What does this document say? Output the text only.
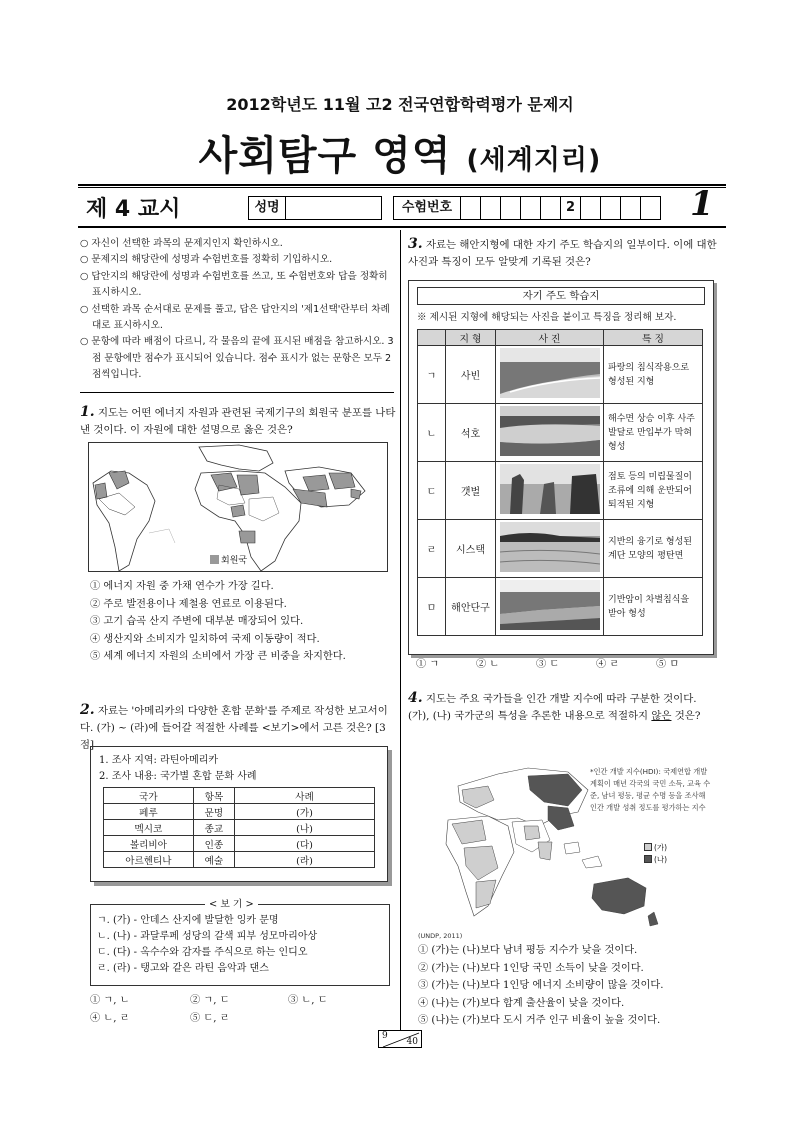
2012학년도 11월 고2 전국연합학력평가 문제지
사회탐구 영역 (세계지리)
제 4 교시	성명	수험번호	2	1
○ 자신이 선택한 과목의 문제지인지 확인하시오.
○ 문제지의 해당란에 성명과 수험번호를 정확히 기입하시오.
○ 답안지의 해당란에 성명과 수험번호를 쓰고, 또 수험번호와 답을 정확히 표시하시오.
○ 선택한 과목 순서대로 문제를 풀고, 답은 답안지의 '제1선택'란부터 차례대로 표시하시오.
○ 문항에 따라 배점이 다르니, 각 물음의 끝에 표시된 배점을 참고하시오. 3점 문항에만 점수가 표시되어 있습니다. 점수 표시가 없는 문항은 모두 2점씩입니다.
1. 지도는 어떤 에너지 자원과 관련된 국제기구의 회원국 분포를 나타낸 것이다. 이 자원에 대한 설명으로 옳은 것은?
회원국
① 에너지 자원 중 가채 연수가 가장 길다.
② 주로 발전용이나 제철용 연료로 이용된다.
③ 고기 습곡 산지 주변에 대부분 매장되어 있다.
④ 생산지와 소비지가 일치하여 국제 이동량이 적다.
⑤ 세계 에너지 자원의 소비에서 가장 큰 비중을 차지한다.
2. 자료는 '아메리카의 다양한 혼합 문화'를 주제로 작성한 보고서이다. (가) ~ (라)에 들어갈 적절한 사례를 <보기>에서 고른 것은? [3점]
1. 조사 지역: 라틴아메리카
2. 조사 내용: 국가별 혼합 문화 사례
국가	항목	사례
페루	문명	(가)
멕시코	종교	(나)
볼리비아	인종	(다)
아르헨티나	예술	(라)
ㄱ. (가) - 안데스 산지에 발달한 잉카 문명
ㄴ. (나) - 과달루페 성당의 갈색 피부 성모마리아상
ㄷ. (다) - 옥수수와 감자를 주식으로 하는 인디오
ㄹ. (라) - 탱고와 같은 라틴 음악과 댄스
< 보 기 >
① ㄱ, ㄴ
④ ㄴ, ㄹ
② ㄱ, ㄷ
⑤ ㄷ, ㄹ
③ ㄴ, ㄷ
3. 자료는 해안지형에 대한 자기 주도 학습지의 일부이다. 이에 대한 사진과 특징이 모두 알맞게 기록된 것은?
자기 주도 학습지
※ 제시된 지형에 해당되는 사진을 붙이고 특징을 정리해 보자.
	지 형	사 진	특 징
ㄱ	사빈		파랑의 침식작용으로 형성된 지형
ㄴ	석호		해수면 상승 이후 사주 발달로 만입부가 막혀 형성
ㄷ	갯벌		점토 등의 미립물질이 조류에 의해 운반되어 퇴적된 지형
ㄹ	시스택		지반의 융기로 형성된 계단 모양의 평탄면
ㅁ	해안단구		기반암이 차별침식을 받아 형성
① ㄱ	② ㄴ	③ ㄷ	④ ㄹ	⑤ ㅁ
4. 지도는 주요 국가들을 인간 개발 지수에 따라 구분한 것이다. (가), (나) 국가군의 특성을 추론한 내용으로 적절하지 않은 것은?
*인간 개발 지수(HDI): 국제연합 개발계획이 매년 각국의 국민 소득, 교육 수준, 남녀 평등, 평균 수명 등을 조사해 인간 개발 성취 정도를 평가하는 지수
(가)
(나)
(UNDP, 2011)
① (가)는 (나)보다 남녀 평등 지수가 낮을 것이다.
② (가)는 (나)보다 1인당 국민 소득이 낮을 것이다.
③ (가)는 (나)보다 1인당 에너지 소비량이 많을 것이다.
④ (나)는 (가)보다 합계 출산율이 낮을 것이다.
⑤ (나)는 (가)보다 도시 거주 인구 비율이 높을 것이다.
9
40
